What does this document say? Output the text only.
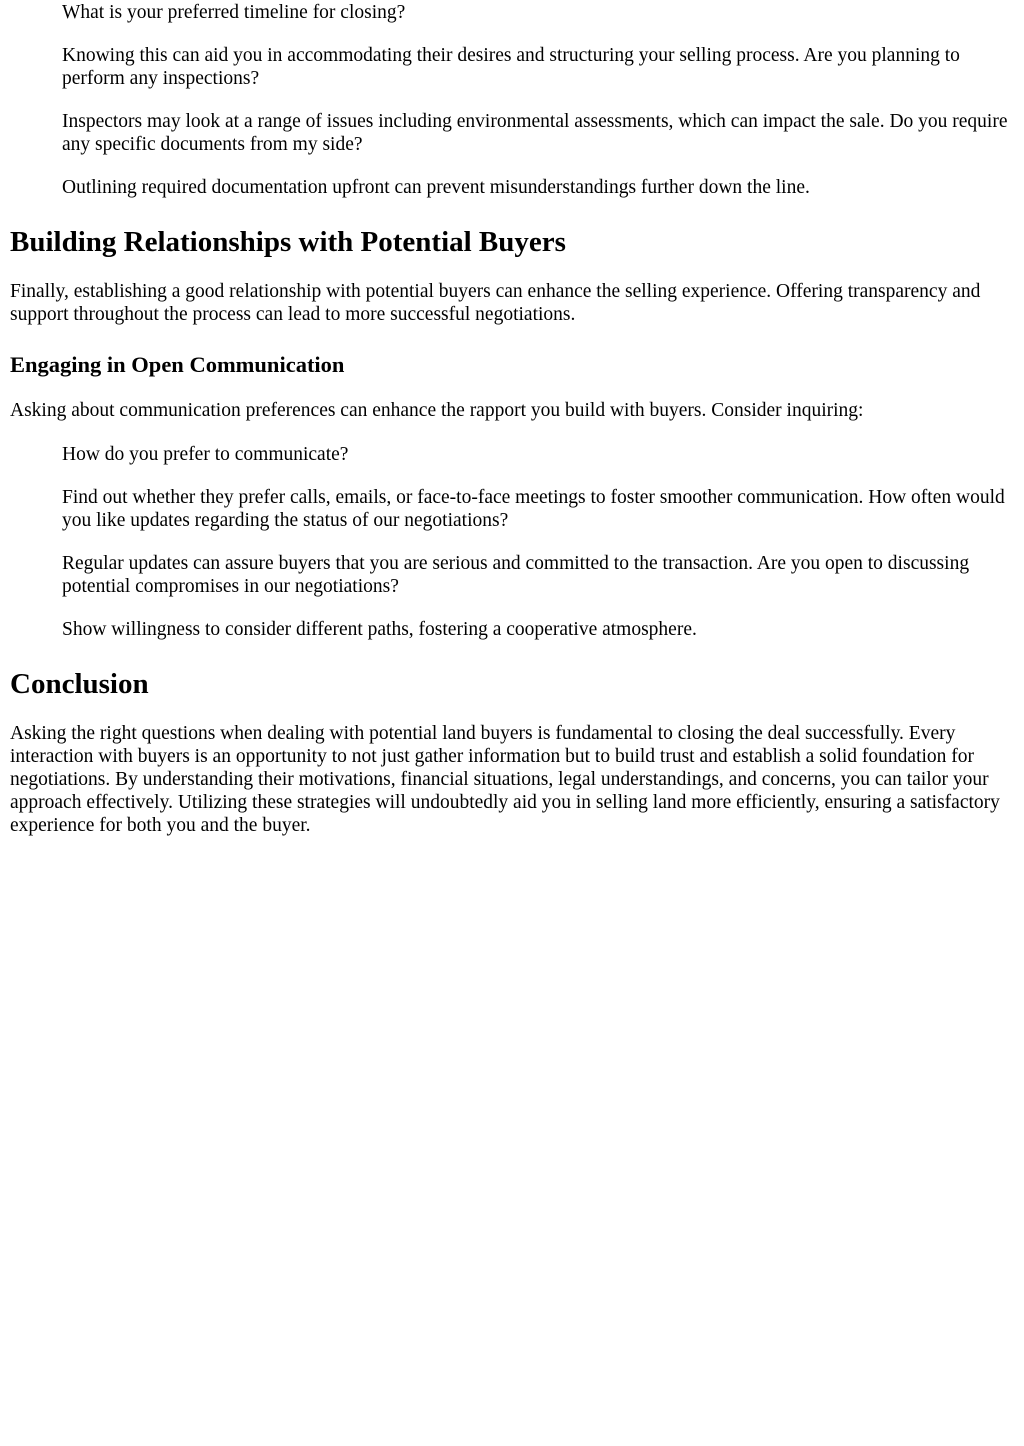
What is your preferred timeline for closing?

Knowing this can aid you in accommodating their desires and structuring your selling process. Are you planning to perform any inspections?

Inspectors may look at a range of issues including environmental assessments, which can impact the sale. Do you require any specific documents from my side?

Outlining required documentation upfront can prevent misunderstandings further down the line.

Building Relationships with Potential Buyers

Finally, establishing a good relationship with potential buyers can enhance the selling experience. Offering transparency and support throughout the process can lead to more successful negotiations.

Engaging in Open Communication

Asking about communication preferences can enhance the rapport you build with buyers. Consider inquiring:

How do you prefer to communicate?

Find out whether they prefer calls, emails, or face-to-face meetings to foster smoother communication. How often would you like updates regarding the status of our negotiations?

Regular updates can assure buyers that you are serious and committed to the transaction. Are you open to discussing potential compromises in our negotiations?

Show willingness to consider different paths, fostering a cooperative atmosphere.

Conclusion

Asking the right questions when dealing with potential land buyers is fundamental to closing the deal successfully. Every interaction with buyers is an opportunity to not just gather information but to build trust and establish a solid foundation for negotiations. By understanding their motivations, financial situations, legal understandings, and concerns, you can tailor your approach effectively. Utilizing these strategies will undoubtedly aid you in selling land more efficiently, ensuring a satisfactory experience for both you and the buyer.
